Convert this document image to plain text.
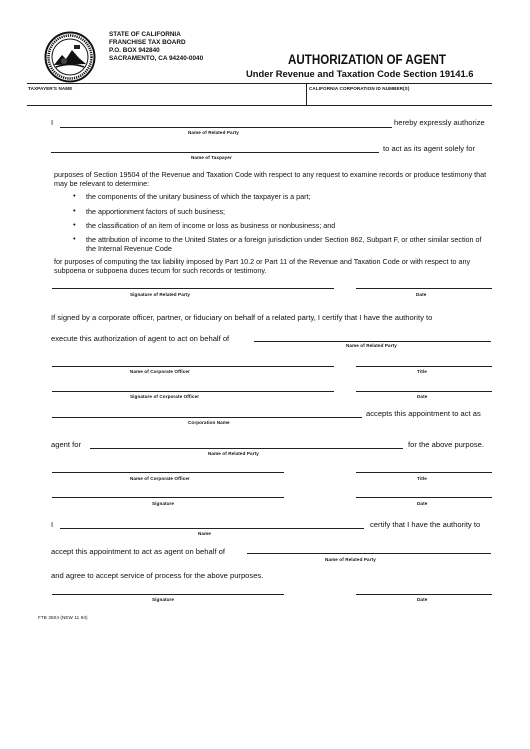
STATE OF CALIFORNIA
FRANCHISE TAX BOARD
P.O. BOX 942840
SACRAMENTO, CA 94240-0040	AUTHORIZATION OF AGENT
Under Revenue and Taxation Code Section 19141.6
TAXPAYER'S NAME	CALIFORNIA CORPORATION ID NUMBER(S)
I	hereby expressly authorize
Name of Related Party
to act as its agent solely for
Name of Taxpayer
purposes of Section 19504 of the Revenue and Taxation Code with respect to any request to examine records or produce testimony that may be relevant to determine:
• the components of the unitary business of which the taxpayer is a part;
• the apportionment factors of such business;
• the classification of an item of income or loss as business or nonbusiness; and
• the attribution of income to the United States or a foreign jurisdiction under Section 862, Subpart F, or other similar section of the Internal Revenue Code
for purposes of computing the tax liability imposed by Part 10.2 or Part 11 of the Revenue and Taxation Code or with respect to any subpoena or subpoena duces tecum for such records or testimony.
Signature of Related Party	Date
If signed by a corporate officer, partner, or fiduciary on behalf of a related party, I certify that I have the authority to
execute this authorization of agent to act on behalf of
Name of Related Party
Name of Corporate Officer	Title
Signature of Corporate Officer	Date
accepts this appointment to act as
Corporation Name
agent for	for the above purpose.
Name of Related Party
Name of Corporate Officer	Title
Signature	Date
I	certify that I have the authority to
Name
accept this appointment to act as agent on behalf of
Name of Related Party
and agree to accept service of process for the above purposes.
Signature	Date
FTB 3504 (NEW 11 94)
